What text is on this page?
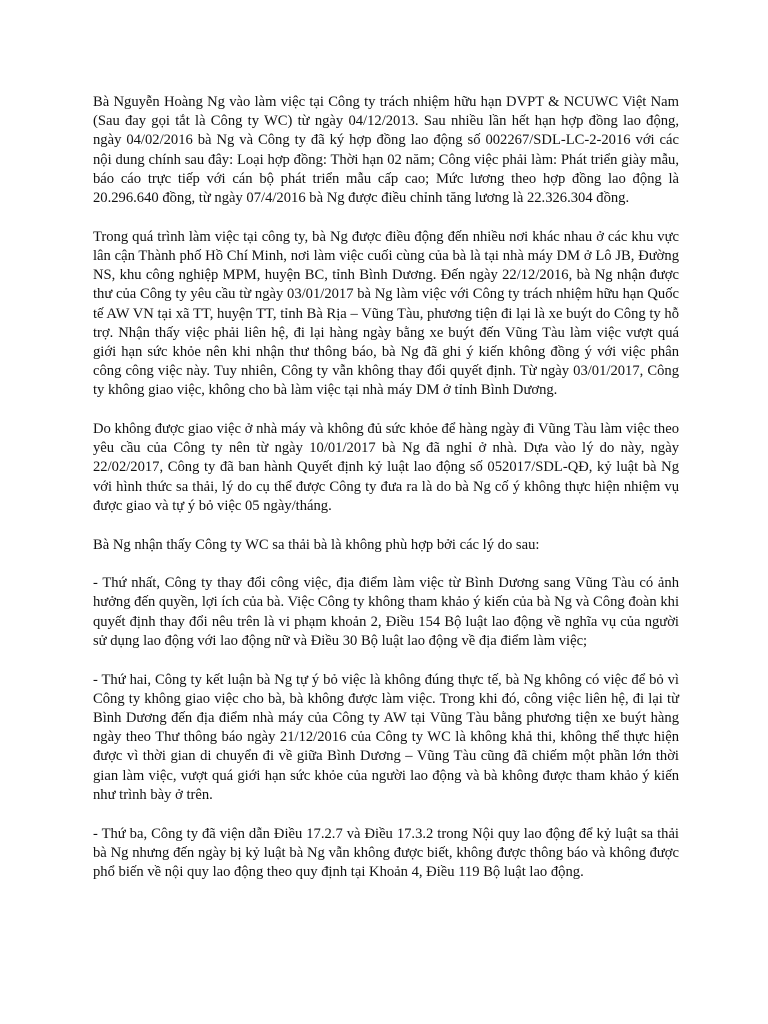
Bà Nguyễn Hoàng Ng vào làm việc tại Công ty trách nhiệm hữu hạn DVPT & NCUWC Việt Nam (Sau đay gọi tắt là Công ty WC) từ ngày 04/12/2013. Sau nhiều lần hết hạn hợp đồng lao động, ngày 04/02/2016 bà Ng và Công ty đã ký hợp đồng lao động số 002267/SDL-LC-2-2016 với các nội dung chính sau đây: Loại hợp đồng: Thời hạn 02 năm; Công việc phải làm: Phát triển giày mẫu, báo cáo trực tiếp với cán bộ phát triển mẫu cấp cao; Mức lương theo hợp đồng lao động là 20.296.640 đồng, từ ngày 07/4/2016 bà Ng được điều chỉnh tăng lương là 22.326.304 đồng.

Trong quá trình làm việc tại công ty, bà Ng được điều động đến nhiều nơi khác nhau ở các khu vực lân cận Thành phố Hồ Chí Minh, nơi làm việc cuối cùng của bà là tại nhà máy DM ở Lô JB, Đường NS, khu công nghiệp MPM, huyện BC, tỉnh Bình Dương. Đến ngày 22/12/2016, bà Ng nhận được thư của Công ty yêu cầu từ ngày 03/01/2017 bà Ng làm việc với Công ty trách nhiệm hữu hạn Quốc tế AW VN tại xã TT, huyện TT, tỉnh Bà Rịa – Vũng Tàu, phương tiện đi lại là xe buýt do Công ty hỗ trợ. Nhận thấy việc phải liên hệ, đi lại hàng ngày bằng xe buýt đến Vũng Tàu làm việc vượt quá giới hạn sức khỏe nên khi nhận thư thông báo, bà Ng đã ghi ý kiến không đồng ý với việc phân công công việc này. Tuy nhiên, Công ty vẫn không thay đổi quyết định. Từ ngày 03/01/2017, Công ty không giao việc, không cho bà làm việc tại nhà máy DM ở tỉnh Bình Dương.

Do không được giao việc ở nhà máy và không đủ sức khỏe để hàng ngày đi Vũng Tàu làm việc theo yêu cầu của Công ty nên từ ngày 10/01/2017 bà Ng đã nghỉ ở nhà. Dựa vào lý do này, ngày 22/02/2017, Công ty đã ban hành Quyết định kỷ luật lao động số 052017/SDL-QĐ, kỷ luật bà Ng với hình thức sa thải, lý do cụ thể được Công ty đưa ra là do bà Ng cố ý không thực hiện nhiệm vụ được giao và tự ý bỏ việc 05 ngày/tháng.

Bà Ng nhận thấy Công ty WC sa thải bà là không phù hợp bởi các lý do sau:

- Thứ nhất, Công ty thay đổi công việc, địa điểm làm việc từ Bình Dương sang Vũng Tàu có ảnh hưởng đến quyền, lợi ích của bà. Việc Công ty không tham khảo ý kiến của bà Ng và Công đoàn khi quyết định thay đổi nêu trên là vi phạm khoản 2, Điều 154 Bộ luật lao động về nghĩa vụ của người sử dụng lao động với lao động nữ và Điều 30 Bộ luật lao động về địa điểm làm việc;

- Thứ hai, Công ty kết luận bà Ng tự ý bỏ việc là không đúng thực tế, bà Ng không có việc để bỏ vì Công ty không giao việc cho bà, bà không được làm việc. Trong khi đó, công việc liên hệ, đi lại từ Bình Dương đến địa điểm nhà máy của Công ty AW tại Vũng Tàu bằng phương tiện xe buýt hàng ngày theo Thư thông báo ngày 21/12/2016 của Công ty WC là không khả thi, không thể thực hiện được vì thời gian di chuyển đi về giữa Bình Dương – Vũng Tàu cũng đã chiếm một phần lớn thời gian làm việc, vượt quá giới hạn sức khỏe của người lao động và bà không được tham khảo ý kiến như trình bày ở trên.

- Thứ ba, Công ty đã viện dẫn Điều 17.2.7 và Điều 17.3.2 trong Nội quy lao động để kỷ luật sa thải bà Ng nhưng đến ngày bị kỷ luật bà Ng vẫn không được biết, không được thông báo và không được phổ biến về nội quy lao động theo quy định tại Khoản 4, Điều 119 Bộ luật lao động.
